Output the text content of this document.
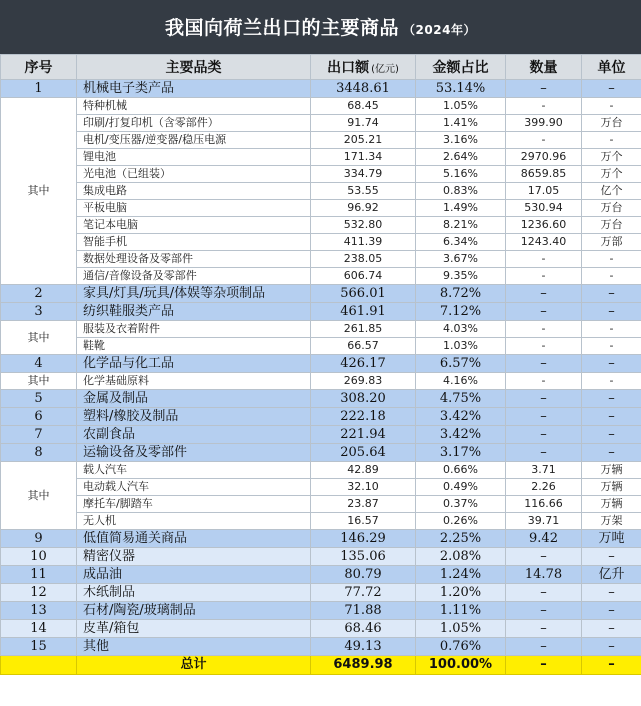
我国向荷兰出口的主要商品 （2024年）
序号	主要品类	出口额 (亿元)	金额占比	数量	单位
1	机械电子类产品	3448.61	53.14%	–	–
其中	特种机械	68.45	1.05%	-	-
	印刷/打复印机（含零部件）	91.74	1.41%	399.90	万台
	电机/变压器/逆变器/稳压电源	205.21	3.16%	-	-
	锂电池	171.34	2.64%	2970.96	万个
	光电池（已组装）	334.79	5.16%	8659.85	万个
	集成电路	53.55	0.83%	17.05	亿个
	平板电脑	96.92	1.49%	530.94	万台
	笔记本电脑	532.80	8.21%	1236.60	万台
	智能手机	411.39	6.34%	1243.40	万部
	数据处理设备及零部件	238.05	3.67%	-	-
	通信/音像设备及零部件	606.74	9.35%	-	-
2	家具/灯具/玩具/体娱等杂项制品	566.01	8.72%	–	–
3	纺织鞋服类产品	461.91	7.12%	–	–
其中	服装及衣着附件	261.85	4.03%	-	-
	鞋靴	66.57	1.03%	-	-
4	化学品与化工品	426.17	6.57%	–	–
其中	化学基础原料	269.83	4.16%	-	-
5	金属及制品	308.20	4.75%	–	–
6	塑料/橡胶及制品	222.18	3.42%	–	–
7	农副食品	221.94	3.42%	–	–
8	运输设备及零部件	205.64	3.17%	–	–
其中	载人汽车	42.89	0.66%	3.71	万辆
	电动载人汽车	32.10	0.49%	2.26	万辆
	摩托车/脚踏车	23.87	0.37%	116.66	万辆
	无人机	16.57	0.26%	39.71	万架
9	低值简易通关商品	146.29	2.25%	9.42	万吨
10	精密仪器	135.06	2.08%	–	–
11	成品油	80.79	1.24%	14.78	亿升
12	木纸制品	77.72	1.20%	–	–
13	石材/陶瓷/玻璃制品	71.88	1.11%	–	–
14	皮革/箱包	68.46	1.05%	–	–
15	其他	49.13	0.76%	–	–
	总计	6489.98	100.00%	–	–
